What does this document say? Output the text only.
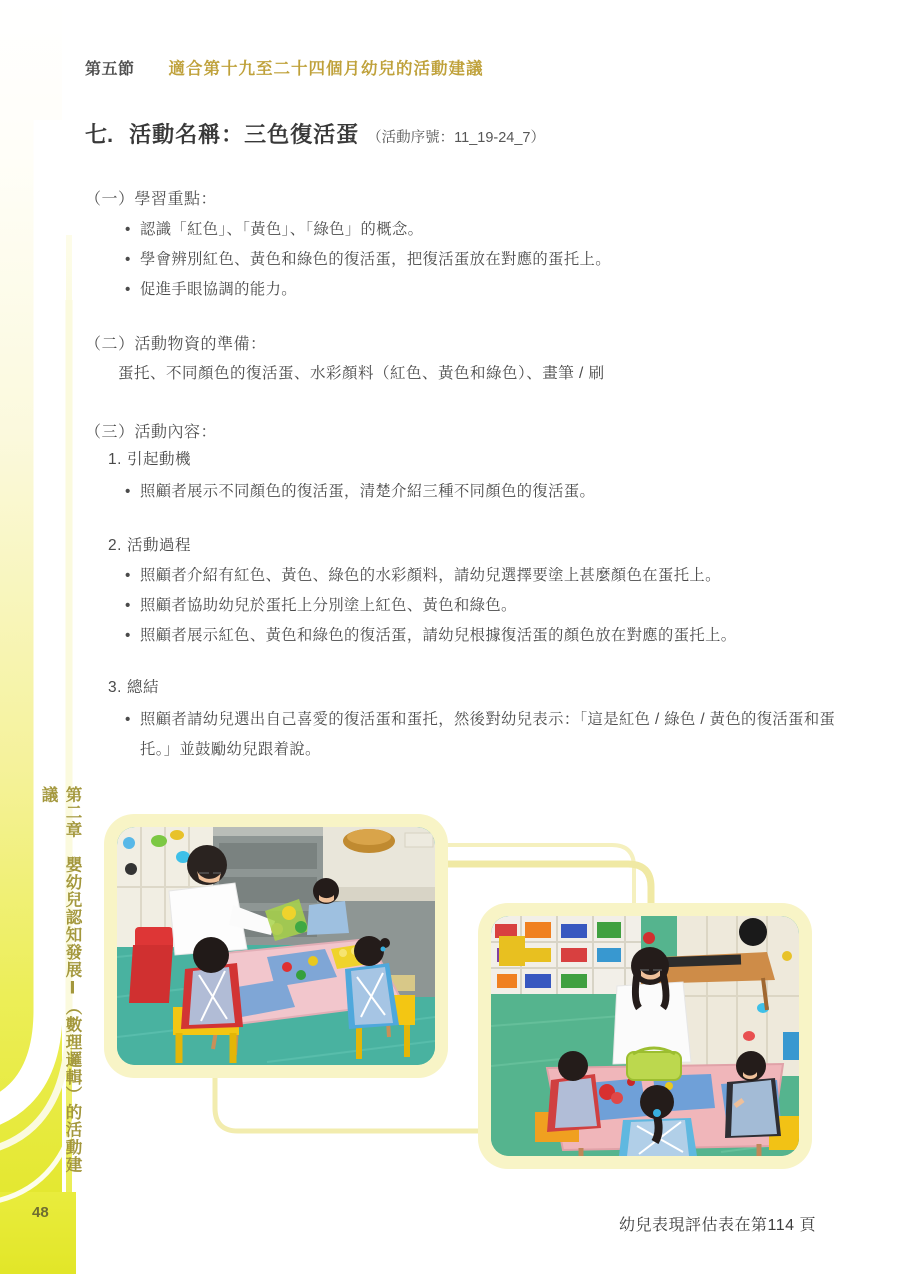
第二章　嬰幼兒認知發展Ⅰ（數理邏輯）的活動建議
48
第五節 適合第十九至二十四個月幼兒的活動建議
七. 活動名稱：三色復活蛋 （活動序號：11_19-24_7）
（一）學習重點：
• 認識「紅色」、「黃色」、「綠色」的概念。
• 學會辨別紅色、黃色和綠色的復活蛋，把復活蛋放在對應的蛋托上。
• 促進手眼協調的能力。
（二）活動物資的準備：
蛋托、不同顏色的復活蛋、水彩顏料（紅色、黃色和綠色）、畫筆 / 刷
（三）活動內容：
1. 引起動機
• 照顧者展示不同顏色的復活蛋，清楚介紹三種不同顏色的復活蛋。
2. 活動過程
• 照顧者介紹有紅色、黃色、綠色的水彩顏料，請幼兒選擇要塗上甚麼顏色在蛋托上。
• 照顧者協助幼兒於蛋托上分別塗上紅色、黃色和綠色。
• 照顧者展示紅色、黃色和綠色的復活蛋，請幼兒根據復活蛋的顏色放在對應的蛋托上。
3. 總結
• 照顧者請幼兒選出自己喜愛的復活蛋和蛋托，然後對幼兒表示：「這是紅色 / 綠色 / 黃色的復活蛋和蛋托。」並鼓勵幼兒跟着說。
幼兒表現評估表在第114 頁
